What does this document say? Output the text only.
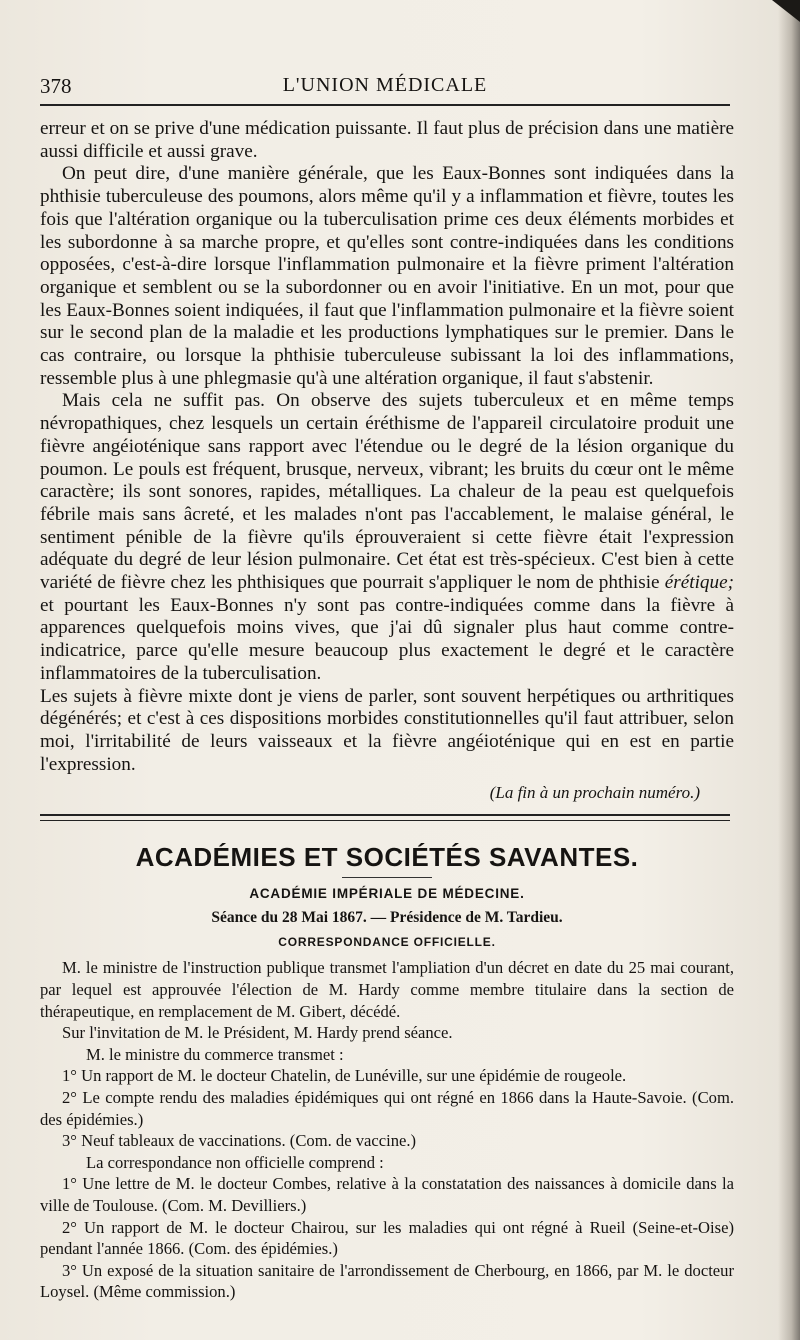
378	L'UNION MÉDICALE

erreur et on se prive d'une médication puissante. Il faut plus de précision dans une matière aussi difficile et aussi grave.

On peut dire, d'une manière générale, que les Eaux-Bonnes sont indiquées dans la phthisie tuberculeuse des poumons, alors même qu'il y a inflammation et fièvre, toutes les fois que l'altération organique ou la tuberculisation prime ces deux éléments morbides et les subordonne à sa marche propre, et qu'elles sont contre-indiquées dans les conditions opposées, c'est-à-dire lorsque l'inflammation pulmonaire et la fièvre priment l'altération organique et semblent ou se la subordonner ou en avoir l'initiative. En un mot, pour que les Eaux-Bonnes soient indiquées, il faut que l'inflammation pulmonaire et la fièvre soient sur le second plan de la maladie et les productions lymphatiques sur le premier. Dans le cas contraire, ou lorsque la phthisie tuberculeuse subissant la loi des inflammations, ressemble plus à une phlegmasie qu'à une altération organique, il faut s'abstenir.

Mais cela ne suffit pas. On observe des sujets tuberculeux et en même temps névropathiques, chez lesquels un certain éréthisme de l'appareil circulatoire produit une fièvre angéioténique sans rapport avec l'étendue ou le degré de la lésion organique du poumon. Le pouls est fréquent, brusque, nerveux, vibrant; les bruits du cœur ont le même caractère; ils sont sonores, rapides, métalliques. La chaleur de la peau est quelquefois fébrile mais sans âcreté, et les malades n'ont pas l'accablement, le malaise général, le sentiment pénible de la fièvre qu'ils éprouveraient si cette fièvre était l'expression adéquate du degré de leur lésion pulmonaire. Cet état est très-spécieux. C'est bien à cette variété de fièvre chez les phthisiques que pourrait s'appliquer le nom de phthisie érétique; et pourtant les Eaux-Bonnes n'y sont pas contre-indiquées comme dans la fièvre à apparences quelquefois moins vives, que j'ai dû signaler plus haut comme contre-indicatrice, parce qu'elle mesure beaucoup plus exactement le degré et le caractère inflammatoires de la tuberculisation.

Les sujets à fièvre mixte dont je viens de parler, sont souvent herpétiques ou arthritiques dégénérés; et c'est à ces dispositions morbides constitutionnelles qu'il faut attribuer, selon moi, l'irritabilité de leurs vaisseaux et la fièvre angéioténique qui en est en partie l'expression.

(La fin à un prochain numéro.)
ACADÉMIES ET SOCIÉTÉS SAVANTES.
ACADÉMIE IMPÉRIALE DE MÉDECINE.
Séance du 28 Mai 1867. — Présidence de M. Tardieu.
CORRESPONDANCE OFFICIELLE.

M. le ministre de l'instruction publique transmet l'ampliation d'un décret en date du 25 mai courant, par lequel est approuvée l'élection de M. Hardy comme membre titulaire dans la section de thérapeutique, en remplacement de M. Gibert, décédé.

Sur l'invitation de M. le Président, M. Hardy prend séance.

M. le ministre du commerce transmet :

1° Un rapport de M. le docteur Chatelin, de Lunéville, sur une épidémie de rougeole.

2° Le compte rendu des maladies épidémiques qui ont régné en 1866 dans la Haute-Savoie. (Com. des épidémies.)

3° Neuf tableaux de vaccinations. (Com. de vaccine.)

La correspondance non officielle comprend :

1° Une lettre de M. le docteur Combes, relative à la constatation des naissances à domicile dans la ville de Toulouse. (Com. M. Devilliers.)

2° Un rapport de M. le docteur Chairou, sur les maladies qui ont régné à Rueil (Seine-et-Oise) pendant l'année 1866. (Com. des épidémies.)

3° Un exposé de la situation sanitaire de l'arrondissement de Cherbourg, en 1866, par M. le docteur Loysel. (Même commission.)
